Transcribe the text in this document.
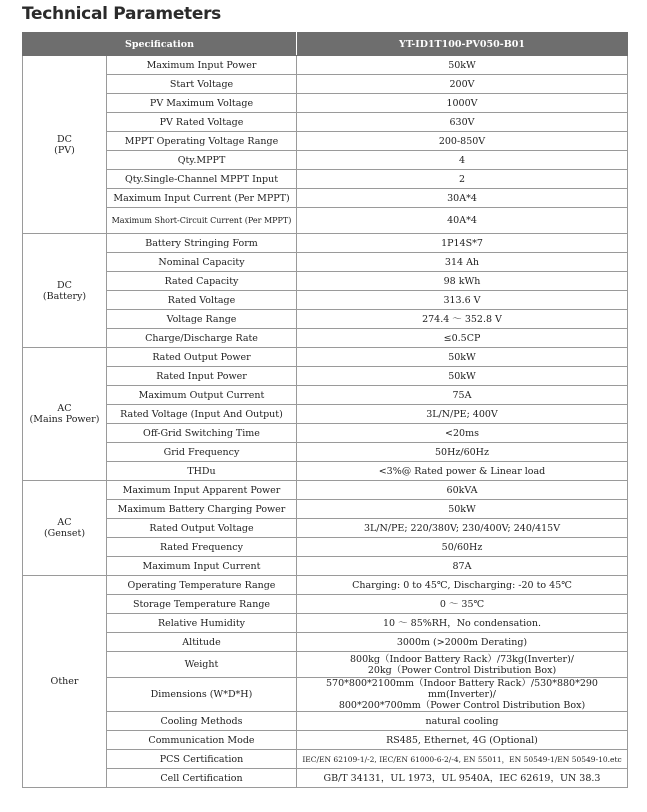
Technical Parameters
Specification		YT-ID1T100-PV050-B01

DC
(PV)	Maximum Input Power	50kW

	Start Voltage	200V

	PV Maximum Voltage	1000V

	PV Rated Voltage	630V

	MPPT Operating Voltage Range	200-850V

	Qty.MPPT	4

	Qty.Single-Channel MPPT Input	2

	Maximum Input Current (Per MPPT)	30A*4

	Maximum Short-Circuit Current (Per MPPT)	40A*4

DC
(Battery)	Battery Stringing Form	1P14S*7

	Nominal Capacity	314 Ah

	Rated Capacity	98 kWh

	Rated Voltage	313.6 V

	Voltage Range	274.4 〜 352.8 V

	Charge/Discharge Rate	≤0.5CP

AC
(Mains Power)	Rated Output Power	50kW

	Rated Input Power	50kW

	Maximum Output Current	75A

	Rated Voltage (Input And Output)	3L/N/PE; 400V

	Off-Grid Switching Time	<20ms

	Grid Frequency	50Hz/60Hz

	THDu	<3%@ Rated power & Linear load

AC
(Genset)	Maximum Input Apparent Power	60kVA

	Maximum Battery Charging Power	50kW

	Rated Output Voltage	3L/N/PE; 220/380V; 230/400V; 240/415V

	Rated Frequency	50/60Hz

	Maximum Input Current	87A

Other	Operating Temperature Range	Charging: 0 to 45℃, Discharging: -20 to 45℃

	Storage Temperature Range	0 〜 35℃

	Relative Humidity	10 〜 85%RH，No condensation.

	Altitude	3000m (>2000m Derating)

	Weight	800kg（Indoor Battery Rack）/73kg(Inverter)/
20kg（Power Control Distribution Box)

	Dimensions (W*D*H)	570*800*2100mm（Indoor Battery Rack）/530*880*290 mm(Inverter)/
800*200*700mm（Power Control Distribution Box)

	Cooling Methods	natural cooling

	Communication Mode	RS485, Ethernet, 4G (Optional)

	PCS Certification	IEC/EN 62109-1/-2, IEC/EN 61000-6-2/-4, EN 55011，EN 50549-1/EN 50549-10.etc

	Cell Certification	GB/T 34131，UL 1973，UL 9540A，IEC 62619，UN 38.3
